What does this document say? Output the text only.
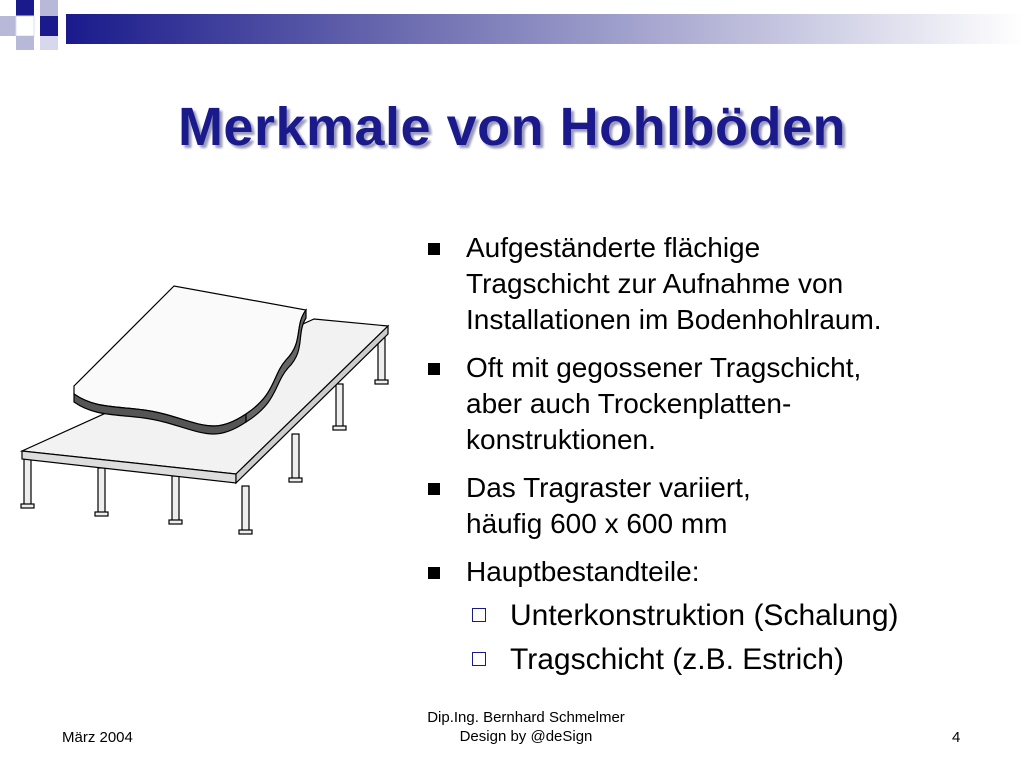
Merkmale von Hohlböden
Aufgeständerte flächige
Tragschicht zur Aufnahme von
Installationen im Bodenhohlraum.
Oft mit gegossener Tragschicht,
aber auch Trockenplatten-
konstruktionen.
Das Tragraster variiert,
häufig 600 x 600 mm
Hauptbestandteile:
Unterkonstruktion (Schalung)
Tragschicht (z.B. Estrich)
März 2004
Dip.Ing. Bernhard Schmelmer
Design by @deSign	4
